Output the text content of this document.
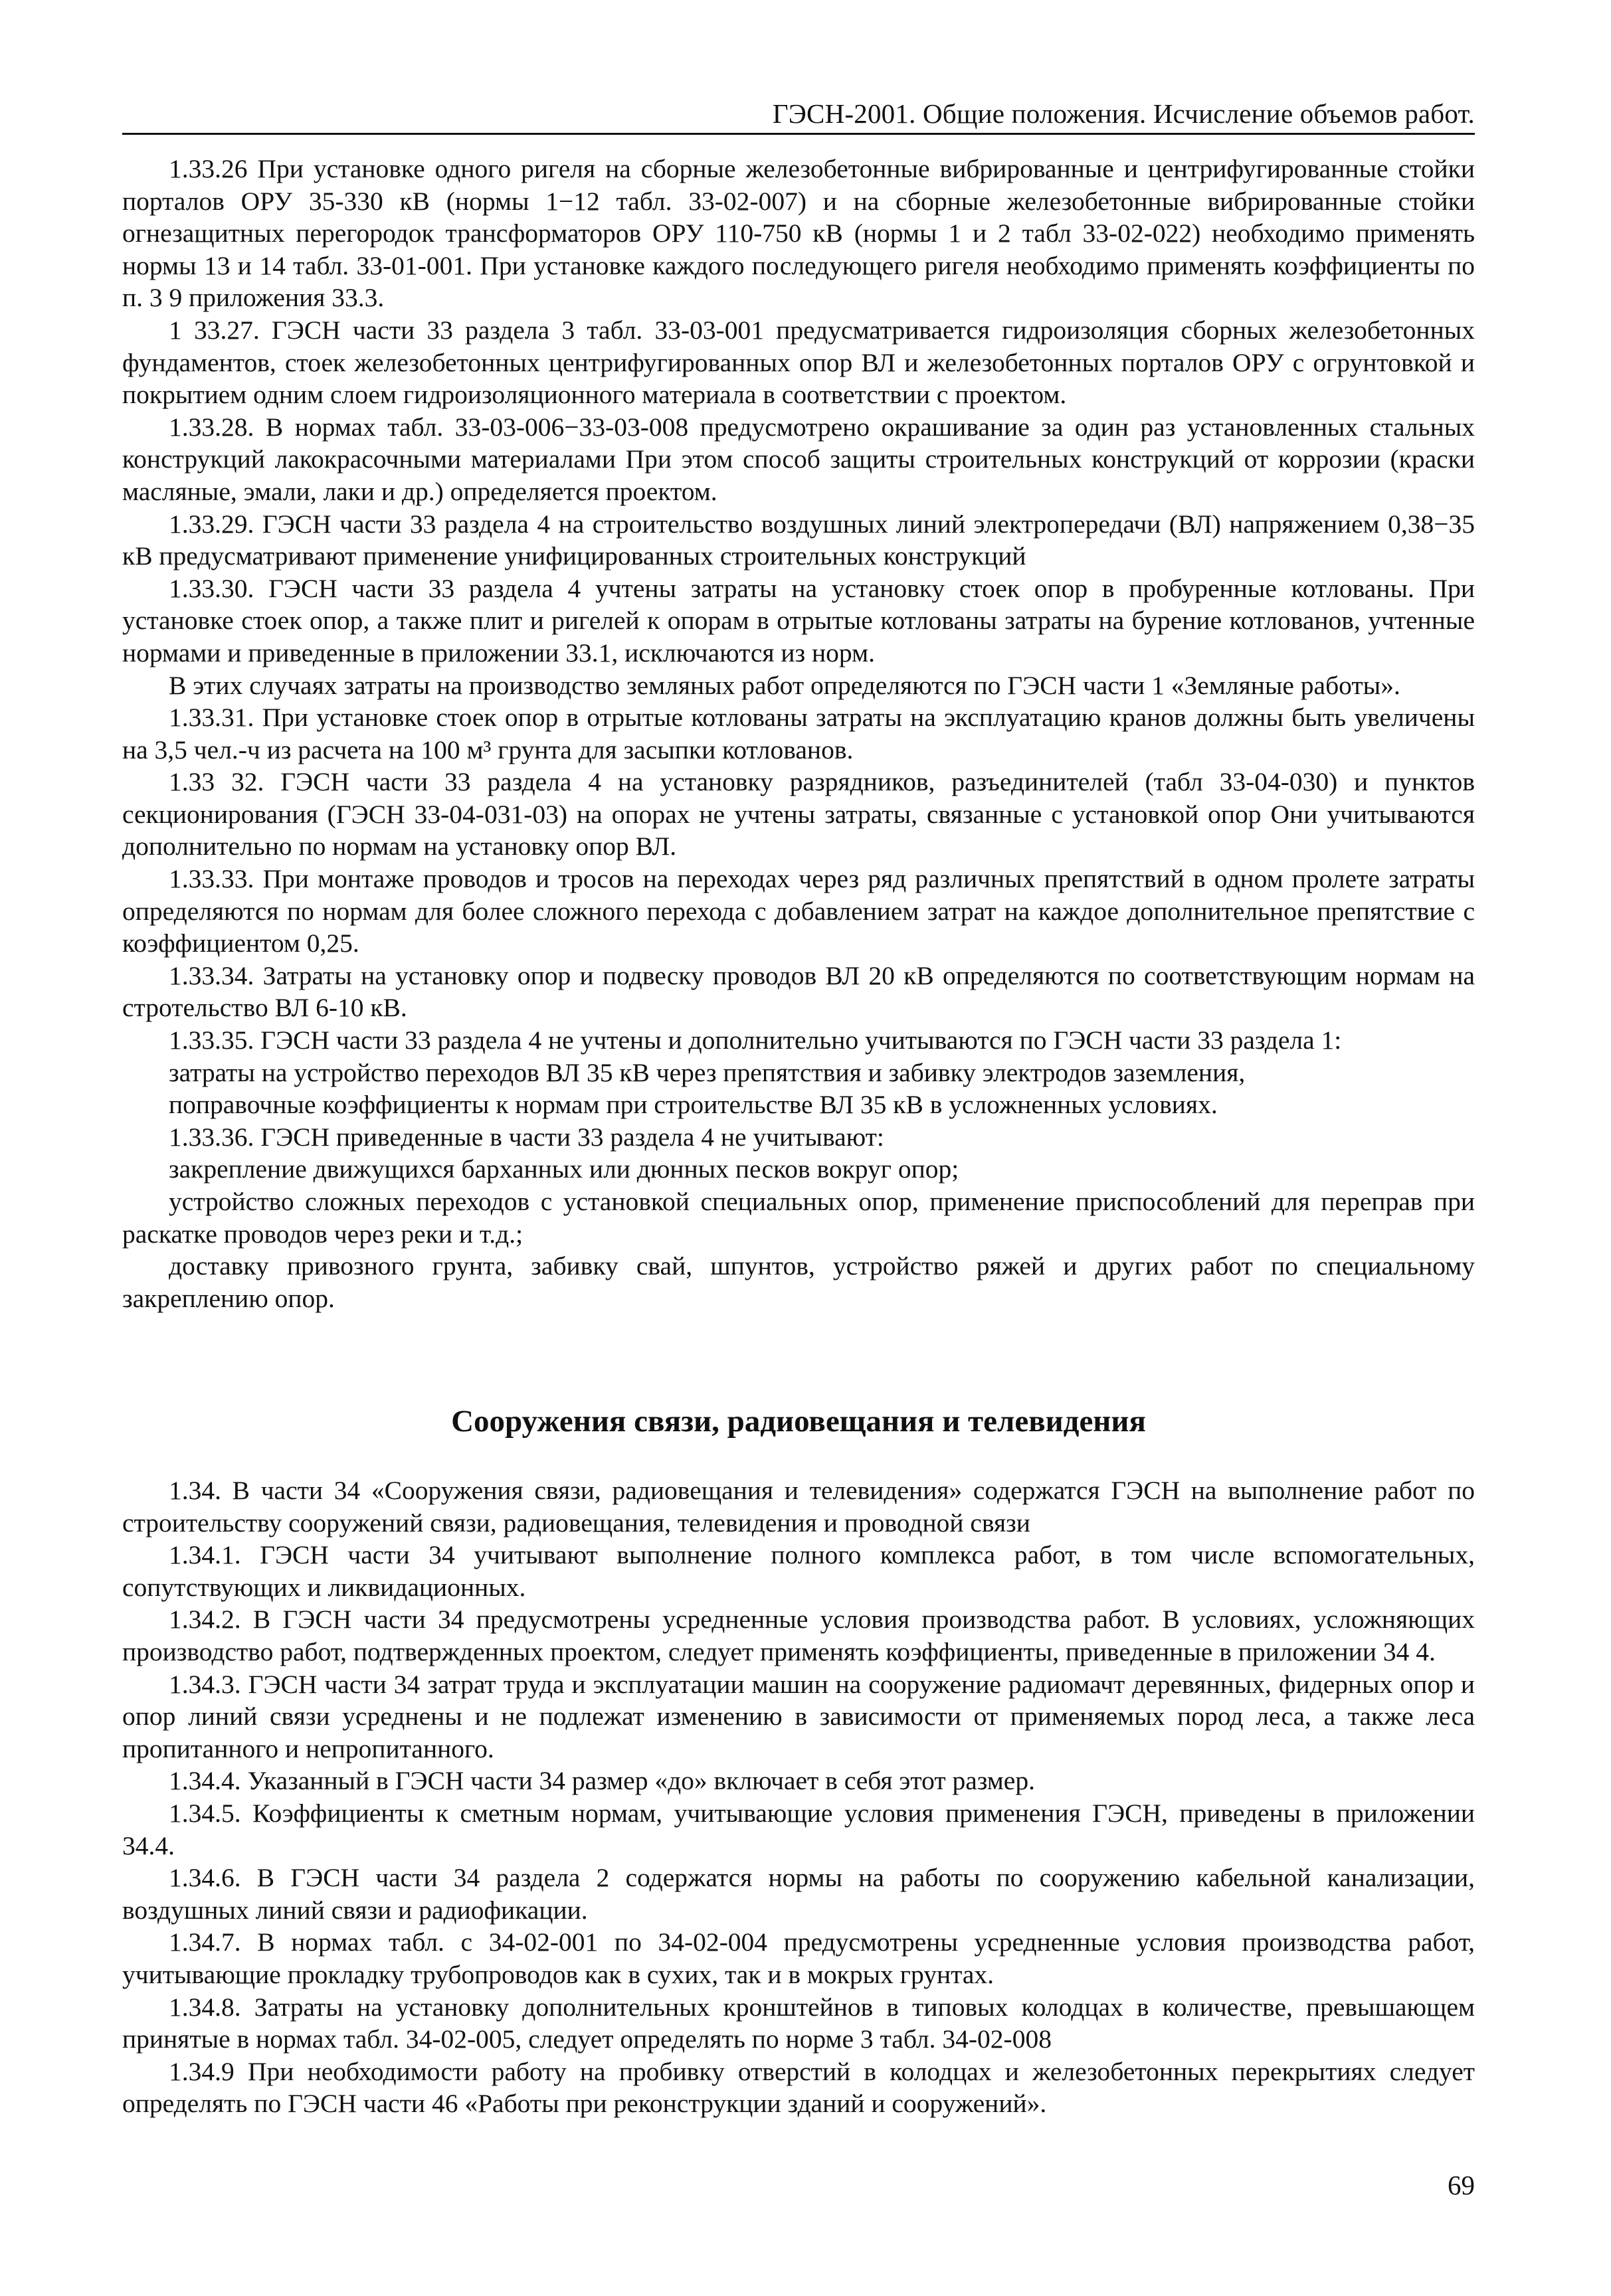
ГЭСН-2001. Общие положения. Исчисление объемов работ.

1.33.26 При установке одного ригеля на сборные железобетонные вибрированные и центрифугированные стойки порталов ОРУ 35-330 кВ (нормы 1−12 табл. 33-02-007) и на сборные железобетонные вибрированные стойки огнезащитных перегородок трансформаторов ОРУ 110-750 кВ (нормы 1 и 2 табл 33-02-022) необходимо применять нормы 13 и 14 табл. 33-01-001. При установке каждого последующего ригеля необходимо применять коэффициенты по п. 3 9 приложения 33.3.

1 33.27. ГЭСН части 33 раздела 3 табл. 33-03-001 предусматривается гидроизоляция сборных железобетонных фундаментов, стоек железобетонных центрифугированных опор ВЛ и железобетонных порталов ОРУ с огрунтовкой и покрытием одним слоем гидроизоляционного материала в соответствии с проектом.

1.33.28. В нормах табл. 33-03-006−33-03-008 предусмотрено окрашивание за один раз установленных стальных конструкций лакокрасочными материалами При этом способ защиты строительных конструкций от коррозии (краски масляные, эмали, лаки и др.) определяется проектом.

1.33.29. ГЭСН части 33 раздела 4 на строительство воздушных линий электропередачи (ВЛ) напряжением 0,38−35 кВ предусматривают применение унифицированных строительных конструкций

1.33.30. ГЭСН части 33 раздела 4 учтены затраты на установку стоек опор в пробуренные котлованы. При установке стоек опор, а также плит и ригелей к опорам в отрытые котлованы затраты на бурение котлованов, учтенные нормами и приведенные в приложении 33.1, исключаются из норм.

В этих случаях затраты на производство земляных работ определяются по ГЭСН части 1 «Земляные работы».

1.33.31. При установке стоек опор в отрытые котлованы затраты на эксплуатацию кранов должны быть увеличены на 3,5 чел.-ч из расчета на 100 м³ грунта для засыпки котлованов.

1.33 32. ГЭСН части 33 раздела 4 на установку разрядников, разъединителей (табл 33-04-030) и пунктов секционирования (ГЭСН 33-04-031-03) на опорах не учтены затраты, связанные с установкой опор Они учитываются дополнительно по нормам на установку опор ВЛ.

1.33.33. При монтаже проводов и тросов на переходах через ряд различных препятствий в одном пролете затраты определяются по нормам для более сложного перехода с добавлением затрат на каждое дополнительное препятствие с коэффициентом 0,25.

1.33.34. Затраты на установку опор и подвеску проводов ВЛ 20 кВ определяются по соответствующим нормам на стротельство ВЛ 6-10 кВ.

1.33.35. ГЭСН части 33 раздела 4 не учтены и дополнительно учитываются по ГЭСН части 33 раздела 1:

затраты на устройство переходов ВЛ 35 кВ через препятствия и забивку электродов заземления,

поправочные коэффициенты к нормам при строительстве ВЛ 35 кВ в усложненных условиях.

1.33.36. ГЭСН приведенные в части 33 раздела 4 не учитывают:

закрепление движущихся барханных или дюнных песков вокруг опор;

устройство сложных переходов с установкой специальных опор, применение приспособлений для переправ при раскатке проводов через реки и т.д.;

доставку привозного грунта, забивку свай, шпунтов, устройство ряжей и других работ по специальному закреплению опор.

Сооружения связи, радиовещания и телевидения

1.34. В части 34 «Сооружения связи, радиовещания и телевидения» содержатся ГЭСН на выполнение работ по строительству сооружений связи, радиовещания, телевидения и проводной связи

1.34.1. ГЭСН части 34 учитывают выполнение полного комплекса работ, в том числе вспомогательных, сопутствующих и ликвидационных.

1.34.2. В ГЭСН части 34 предусмотрены усредненные условия производства работ. В условиях, усложняющих производство работ, подтвержденных проектом, следует применять коэффициенты, приведенные в приложении 34 4.

1.34.3. ГЭСН части 34 затрат труда и эксплуатации машин на сооружение радиомачт деревянных, фидерных опор и опор линий связи усреднены и не подлежат изменению в зависимости от применяемых пород леса, а также леса пропитанного и непропитанного.

1.34.4. Указанный в ГЭСН части 34 размер «до» включает в себя этот размер.

1.34.5. Коэффициенты к сметным нормам, учитывающие условия применения ГЭСН, приведены в приложении 34.4.

1.34.6. В ГЭСН части 34 раздела 2 содержатся нормы на работы по сооружению кабельной канализации, воздушных линий связи и радиофикации.

1.34.7. В нормах табл. с 34-02-001 по 34-02-004 предусмотрены усредненные условия производства работ, учитывающие прокладку трубопроводов как в сухих, так и в мокрых грунтах.

1.34.8. Затраты на установку дополнительных кронштейнов в типовых колодцах в количестве, превышающем принятые в нормах табл. 34-02-005, следует определять по норме 3 табл. 34-02-008

1.34.9 При необходимости работу на пробивку отверстий в колодцах и железобетонных перекрытиях следует определять по ГЭСН части 46 «Работы при реконструкции зданий и сооружений».

69
